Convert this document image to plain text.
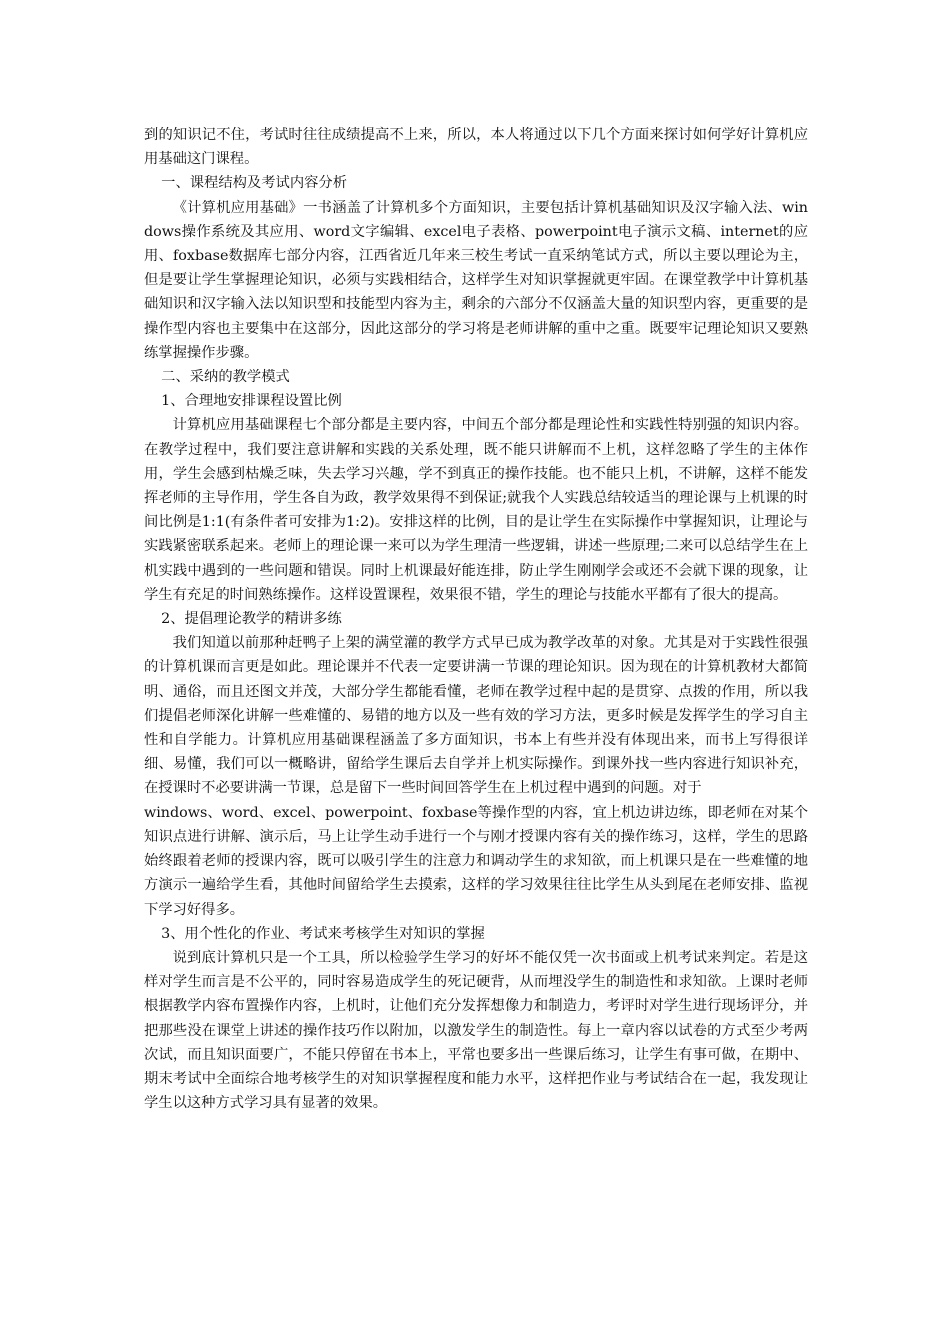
到的知识记不住，考试时往往成绩提高不上来，所以，本人将通过以下几个方面来探讨如何学好计算机应用基础这门课程。

一、课程结构及考试内容分析

《计算机应用基础》一书涵盖了计算机多个方面知识，主要包括计算机基础知识及汉字输入法、windows操作系统及其应用、word文字编辑、excel电子表格、powerpoint电子演示文稿、internet的应用、foxbase数据库七部分内容，江西省近几年来三校生考试一直采纳笔试方式，所以主要以理论为主，但是要让学生掌握理论知识，必须与实践相结合，这样学生对知识掌握就更牢固。在课堂教学中计算机基础知识和汉字输入法以知识型和技能型内容为主，剩余的六部分不仅涵盖大量的知识型内容，更重要的是操作型内容也主要集中在这部分，因此这部分的学习将是老师讲解的重中之重。既要牢记理论知识又要熟练掌握操作步骤。

二、采纳的教学模式

1、合理地安排课程设置比例

计算机应用基础课程七个部分都是主要内容，中间五个部分都是理论性和实践性特别强的知识内容。在教学过程中，我们要注意讲解和实践的关系处理，既不能只讲解而不上机，这样忽略了学生的主体作用，学生会感到枯燥乏味，失去学习兴趣，学不到真正的操作技能。也不能只上机，不讲解，这样不能发挥老师的主导作用，学生各自为政，教学效果得不到保证;就我个人实践总结较适当的理论课与上机课的时间比例是1:1(有条件者可安排为1:2)。安排这样的比例，目的是让学生在实际操作中掌握知识，让理论与实践紧密联系起来。老师上的理论课一来可以为学生理清一些逻辑，讲述一些原理;二来可以总结学生在上机实践中遇到的一些问题和错误。同时上机课最好能连排，防止学生刚刚学会或还不会就下课的现象，让学生有充足的时间熟练操作。这样设置课程，效果很不错，学生的理论与技能水平都有了很大的提高。

2、提倡理论教学的精讲多练

我们知道以前那种赶鸭子上架的满堂灌的教学方式早已成为教学改革的对象。尤其是对于实践性很强的计算机课而言更是如此。理论课并不代表一定要讲满一节课的理论知识。因为现在的计算机教材大都简明、通俗，而且还图文并茂，大部分学生都能看懂，老师在教学过程中起的是贯穿、点拨的作用，所以我们提倡老师深化讲解一些难懂的、易错的地方以及一些有效的学习方法，更多时候是发挥学生的学习自主性和自学能力。计算机应用基础课程涵盖了多方面知识，书本上有些并没有体现出来，而书上写得很详细、易懂，我们可以一概略讲，留给学生课后去自学并上机实际操作。到课外找一些内容进行知识补充，在授课时不必要讲满一节课，总是留下一些时间回答学生在上机过程中遇到的问题。对于

windows、word、excel、powerpoint、foxbase等操作型的内容，宜上机边讲边练，即老师在对某个知识点进行讲解、演示后，马上让学生动手进行一个与刚才授课内容有关的操作练习，这样，学生的思路始终跟着老师的授课内容，既可以吸引学生的注意力和调动学生的求知欲，而上机课只是在一些难懂的地方演示一遍给学生看，其他时间留给学生去摸索，这样的学习效果往往比学生从头到尾在老师安排、监视下学习好得多。

3、用个性化的作业、考试来考核学生对知识的掌握

说到底计算机只是一个工具，所以检验学生学习的好坏不能仅凭一次书面或上机考试来判定。若是这样对学生而言是不公平的，同时容易造成学生的死记硬背，从而埋没学生的制造性和求知欲。上课时老师根据教学内容布置操作内容，上机时，让他们充分发挥想像力和制造力，考评时对学生进行现场评分，并把那些没在课堂上讲述的操作技巧作以附加，以激发学生的制造性。每上一章内容以试卷的方式至少考两次试，而且知识面要广，不能只停留在书本上，平常也要多出一些课后练习，让学生有事可做，在期中、期末考试中全面综合地考核学生的对知识掌握程度和能力水平，这样把作业与考试结合在一起，我发现让学生以这种方式学习具有显著的效果。
